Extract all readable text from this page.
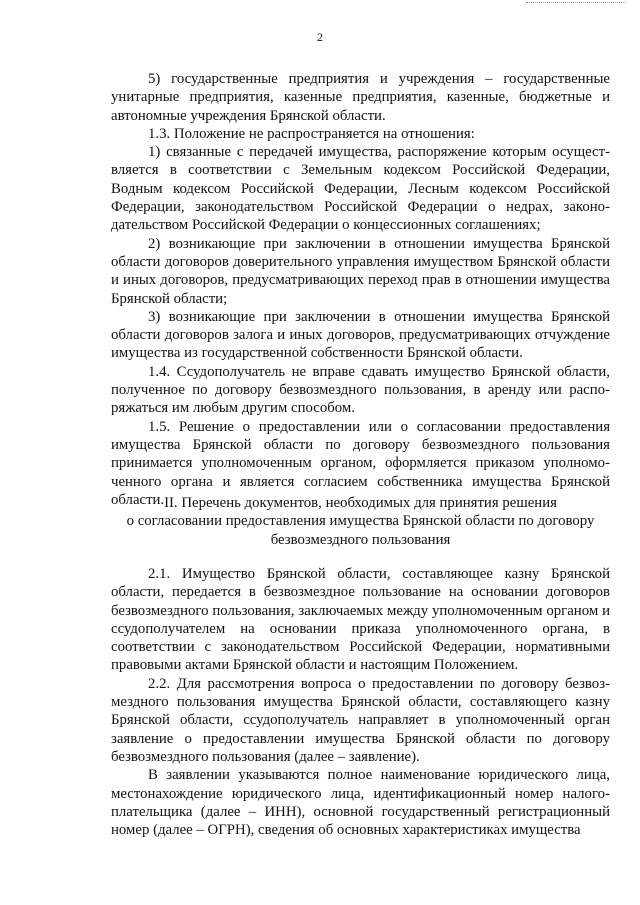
2

5) государственные предприятия и учреждения – государственные унитарные предприятия, казенные предприятия, казенные, бюджетные и автономные учреждения Брянской области.

1.3. Положение не распространяется на отношения:

1) связанные с передачей имущества, распоряжение которым осуществляется в соответствии с Земельным кодексом Российской Федерации, Водным кодексом Российской Федерации, Лесным кодексом Российской Федерации, законодательством Российской Федерации о недрах, законодательством Российской Федерации о концессионных соглашениях;

2) возникающие при заключении в отношении имущества Брянской области договоров доверительного управления имуществом Брянской области и иных договоров, предусматривающих переход прав в отношении имущества Брянской области;

3) возникающие при заключении в отношении имущества Брянской области договоров залога и иных договоров, предусматривающих отчуждение имущества из государственной собственности Брянской области.

1.4. Ссудополучатель не вправе сдавать имущество Брянской области, полученное по договору безвозмездного пользования, в аренду или распоряжаться им любым другим способом.

1.5. Решение о предоставлении или о согласовании предоставления имущества Брянской области по договору безвозмездного пользования принимается уполномоченным органом, оформляется приказом уполномоченного органа и является согласием собственника имущества Брянской области. II. Перечень документов, необходимых для принятия решения
о согласовании предоставления имущества Брянской области по договору
безвозмездного пользования

2.1. Имущество Брянской области, составляющее казну Брянской области, передается в безвозмездное пользование на основании договоров безвозмездного пользования, заключаемых между уполномоченным органом и ссудополучателем на основании приказа уполномоченного органа, в соответствии с законодательством Российской Федерации, нормативными правовыми актами Брянской области и настоящим Положением.

2.2. Для рассмотрения вопроса о предоставлении по договору безвозмездного пользования имущества Брянской области, составляющего казну Брянской области, ссудополучатель направляет в уполномоченный орган заявление о предоставлении имущества Брянской области по договору безвозмездного пользования (далее – заявление).

В заявлении указываются полное наименование юридического лица, местонахождение юридического лица, идентификационный номер налогоплательщика (далее – ИНН), основной государственный регистрационный номер (далее – ОГРН), сведения об основных характеристиках имущества
